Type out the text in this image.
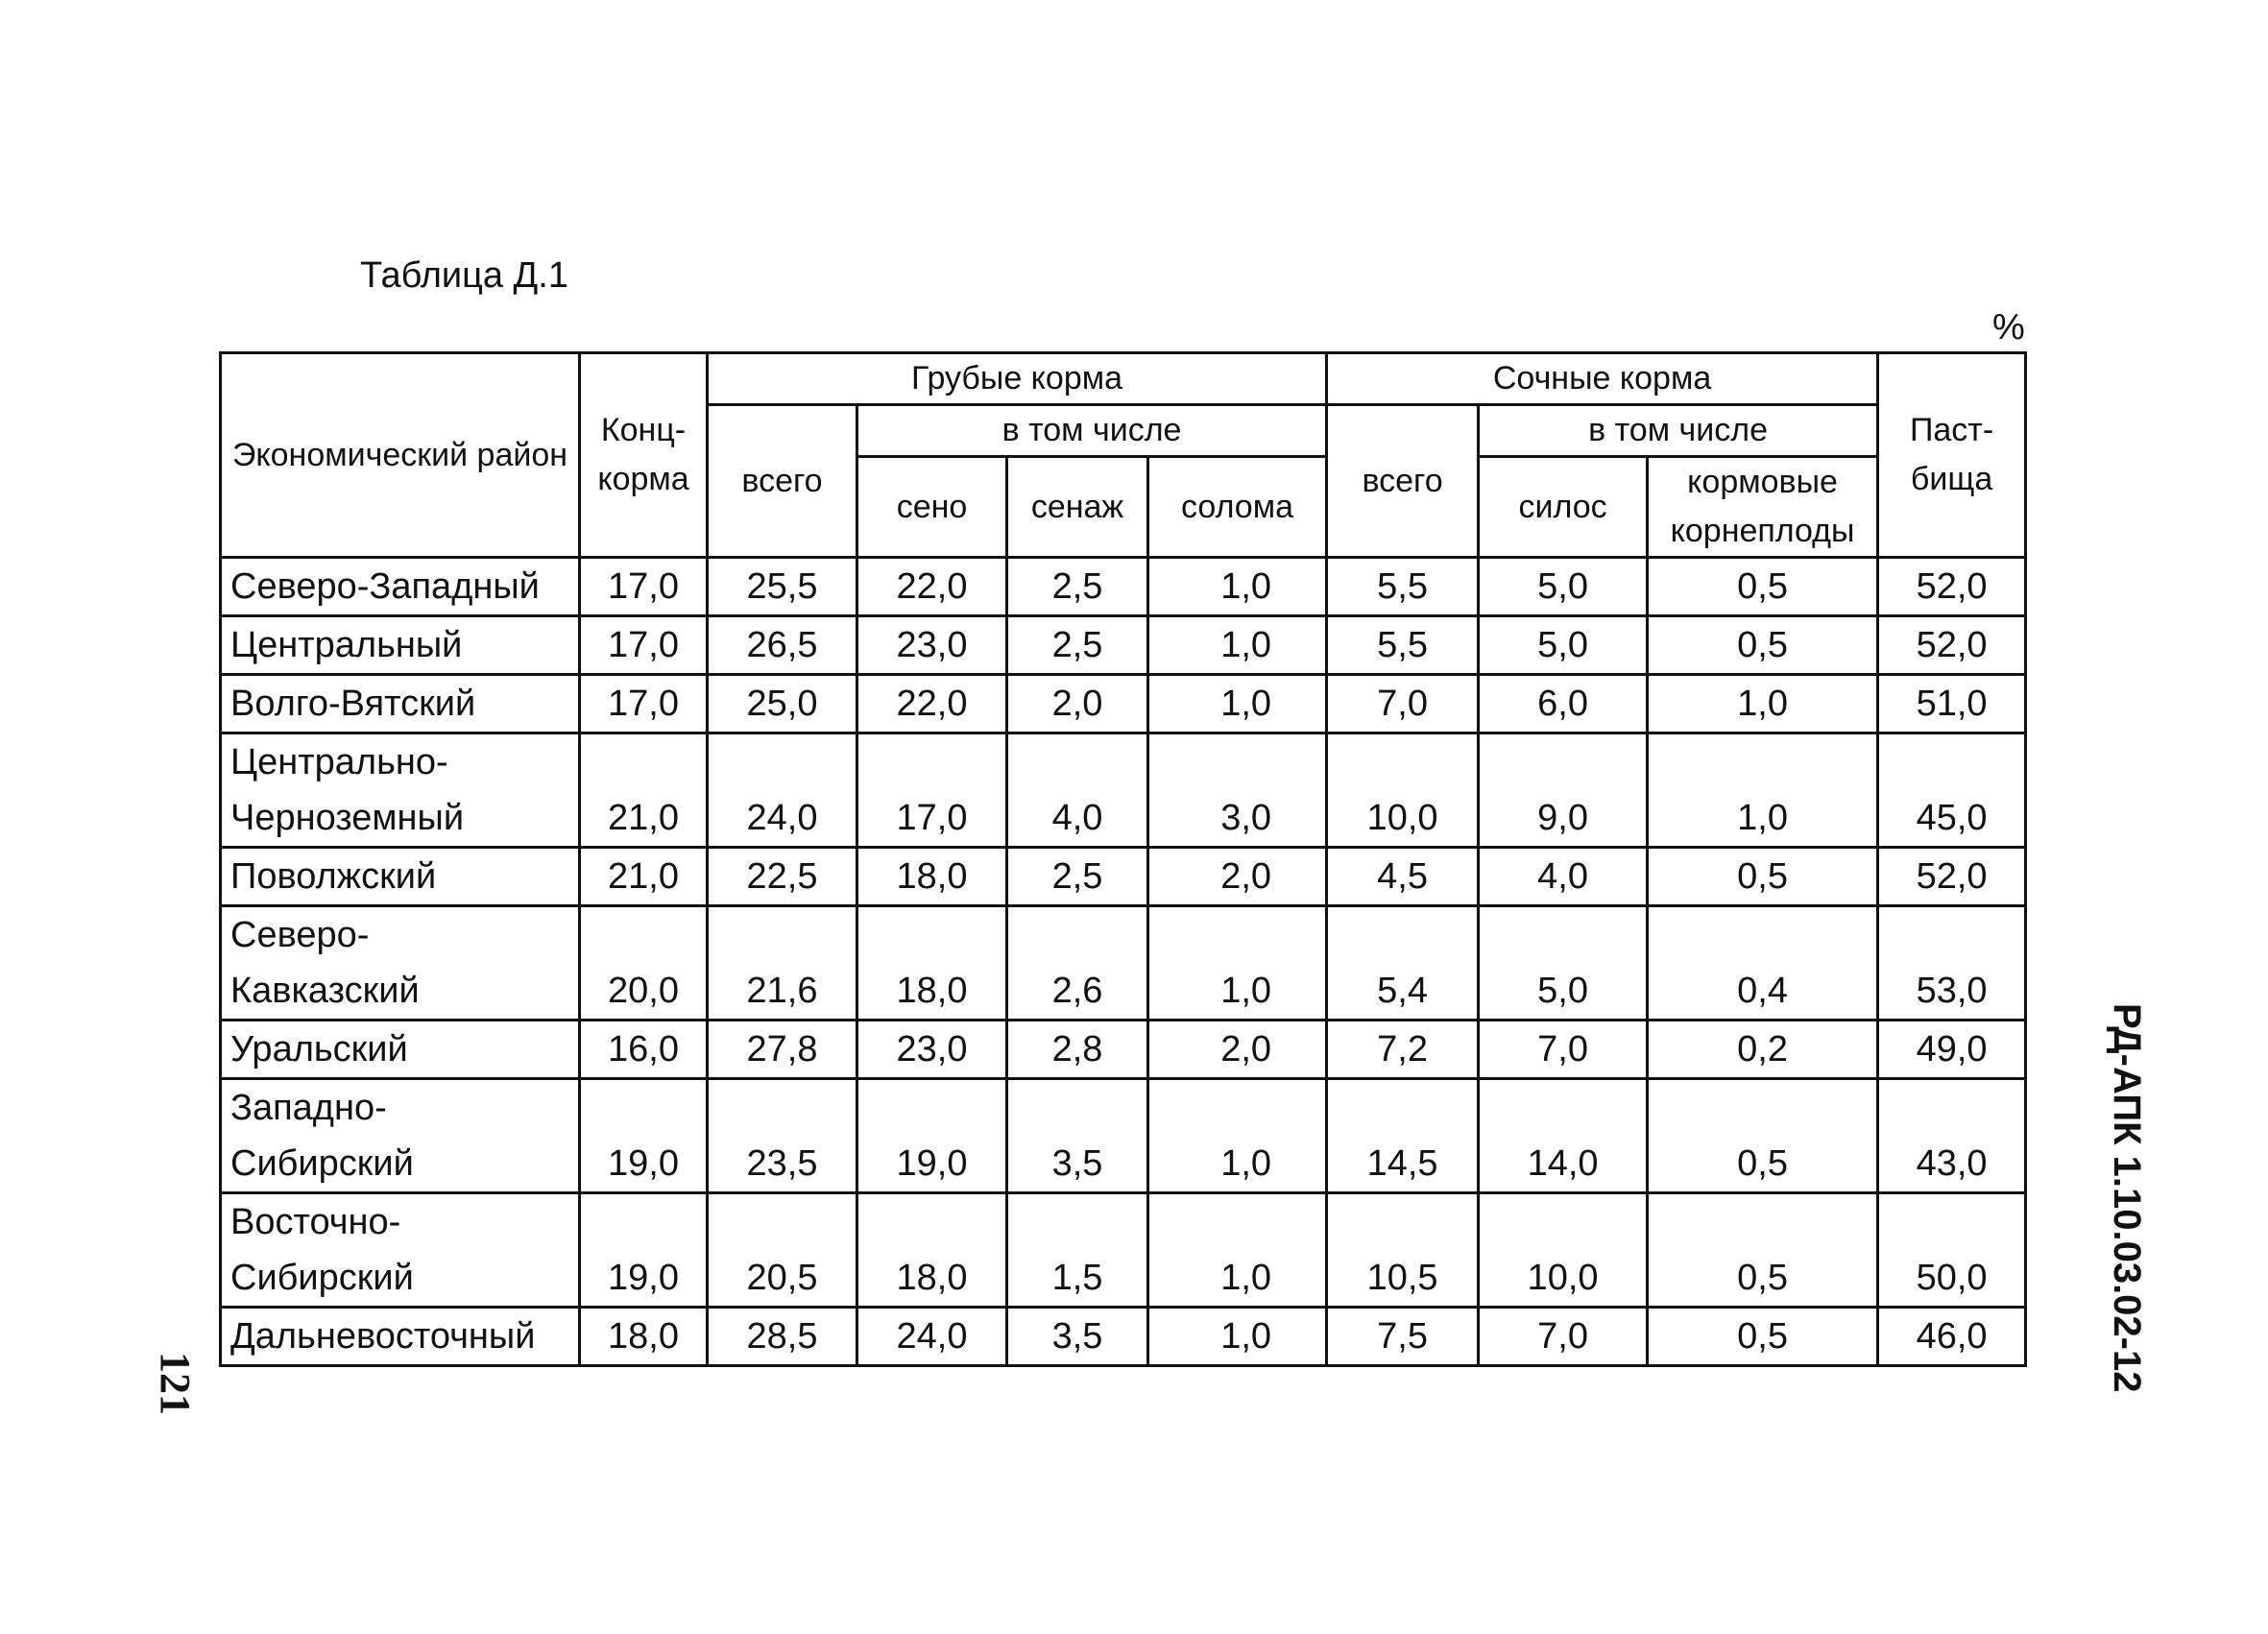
Таблица Д.1
%
Экономический район	Конц-корма	Грубые корма				Сочные корма			Паст-бища
		всего	в том числе			всего	в том числе		
			сено	сенаж	солома		силос	кормовые корнеплоды	

Северо-Западный	17,0	25,5	22,0	2,5	1,0	5,5	5,0	0,5	52,0

Центральный	17,0	26,5	23,0	2,5	1,0	5,5	5,0	0,5	52,0

Волго-Вятский	17,0	25,0	22,0	2,0	1,0	7,0	6,0	1,0	51,0

Центрально-
Черноземный	21,0	24,0	17,0	4,0	3,0	10,0	9,0	1,0	45,0

Поволжский	21,0	22,5	18,0	2,5	2,0	4,5	4,0	0,5	52,0

Северо-
Кавказский	20,0	21,6	18,0	2,6	1,0	5,4	5,0	0,4	53,0

Уральский	16,0	27,8	23,0	2,8	2,0	7,2	7,0	0,2	49,0

Западно-
Сибирский	19,0	23,5	19,0	3,5	1,0	14,5	14,0	0,5	43,0

Восточно-
Сибирский	19,0	20,5	18,0	1,5	1,0	10,5	10,0	0,5	50,0

Дальневосточный	18,0	28,5	24,0	3,5	1,0	7,5	7,0	0,5	46,0	РД-АПК 1.10.03.02-12
121
